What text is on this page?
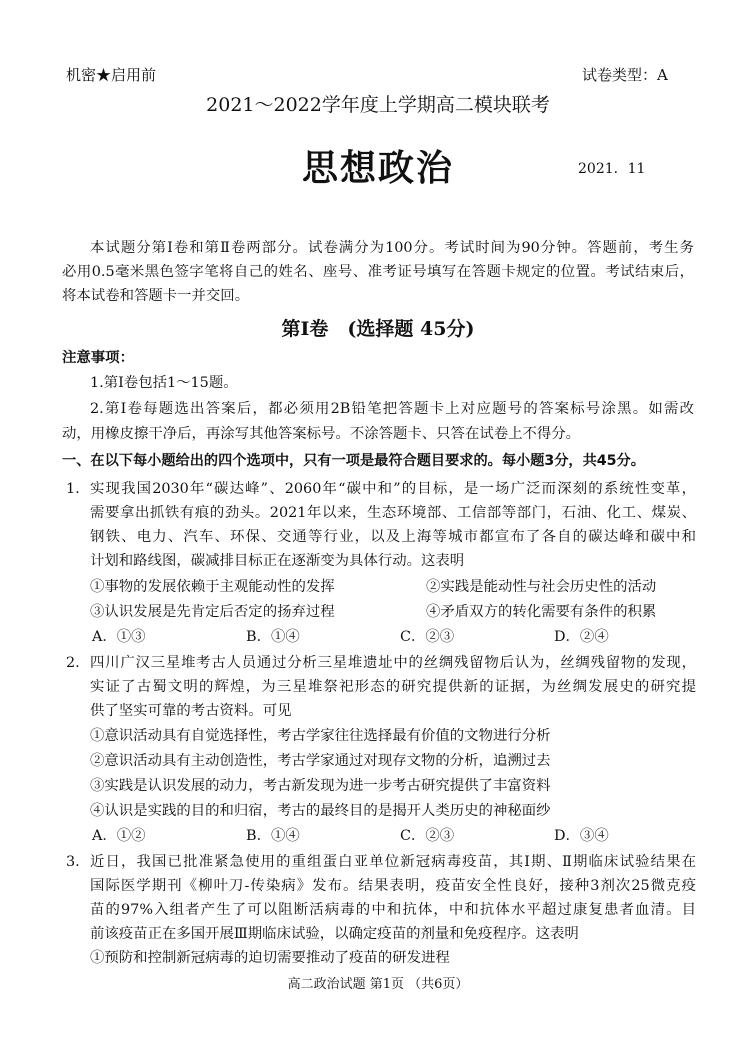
机密★启用前	试卷类型：A
2021～2022学年度上学期高二模块联考
思想政治	2021．11
本试题分第Ⅰ卷和第Ⅱ卷两部分。试卷满分为100分。考试时间为90分钟。答题前，考生务
必用0.5毫米黑色签字笔将自己的姓名、座号、准考证号填写在答题卡规定的位置。考试结束后，
将本试卷和答题卡一并交回。
第Ⅰ卷　(选择题 45分)
注意事项：
1.第Ⅰ卷包括1～15题。
2.第Ⅰ卷每题选出答案后，都必须用2B铅笔把答题卡上对应题号的答案标号涂黑。如需改
动，用橡皮擦干净后，再涂写其他答案标号。不涂答题卡、只答在试卷上不得分。
一、在以下每小题给出的四个选项中，只有一项是最符合题目要求的。每小题3分，共45分。
1. 实现我国2030年“碳达峰”、2060年“碳中和”的目标，是一场广泛而深刻的系统性变革，
需要拿出抓铁有痕的劲头。2021年以来，生态环境部、工信部等部门，石油、化工、煤炭、
钢铁、电力、汽车、环保、交通等行业，以及上海等城市都宣布了各自的碳达峰和碳中和
计划和路线图，碳减排目标正在逐渐变为具体行动。这表明
①事物的发展依赖于主观能动性的发挥	②实践是能动性与社会历史性的活动
③认识发展是先肯定后否定的扬弃过程	④矛盾双方的转化需要有条件的积累
A．①③	B．①④	C．②③	D．②④
2. 四川广汉三星堆考古人员通过分析三星堆遗址中的丝绸残留物后认为，丝绸残留物的发现，
实证了古蜀文明的辉煌，为三星堆祭祀形态的研究提供新的证据，为丝绸发展史的研究提
供了坚实可靠的考古资料。可见
①意识活动具有自觉选择性，考古学家往往选择最有价值的文物进行分析
②意识活动具有主动创造性，考古学家通过对现存文物的分析，追溯过去
③实践是认识发展的动力，考古新发现为进一步考古研究提供了丰富资料
④认识是实践的目的和归宿，考古的最终目的是揭开人类历史的神秘面纱
A．①②	B．①④	C．②③	D．③④
3. 近日，我国已批准紧急使用的重组蛋白亚单位新冠病毒疫苗，其Ⅰ期、Ⅱ期临床试验结果在
国际医学期刊《柳叶刀-传染病》发布。结果表明，疫苗安全性良好，接种3剂次25微克疫
苗的97%入组者产生了可以阻断活病毒的中和抗体，中和抗体水平超过康复患者血清。目
前该疫苗正在多国开展Ⅲ期临床试验，以确定疫苗的剂量和免疫程序。这表明
①预防和控制新冠病毒的迫切需要推动了疫苗的研发进程
高二政治试题 第1页 （共6页）
